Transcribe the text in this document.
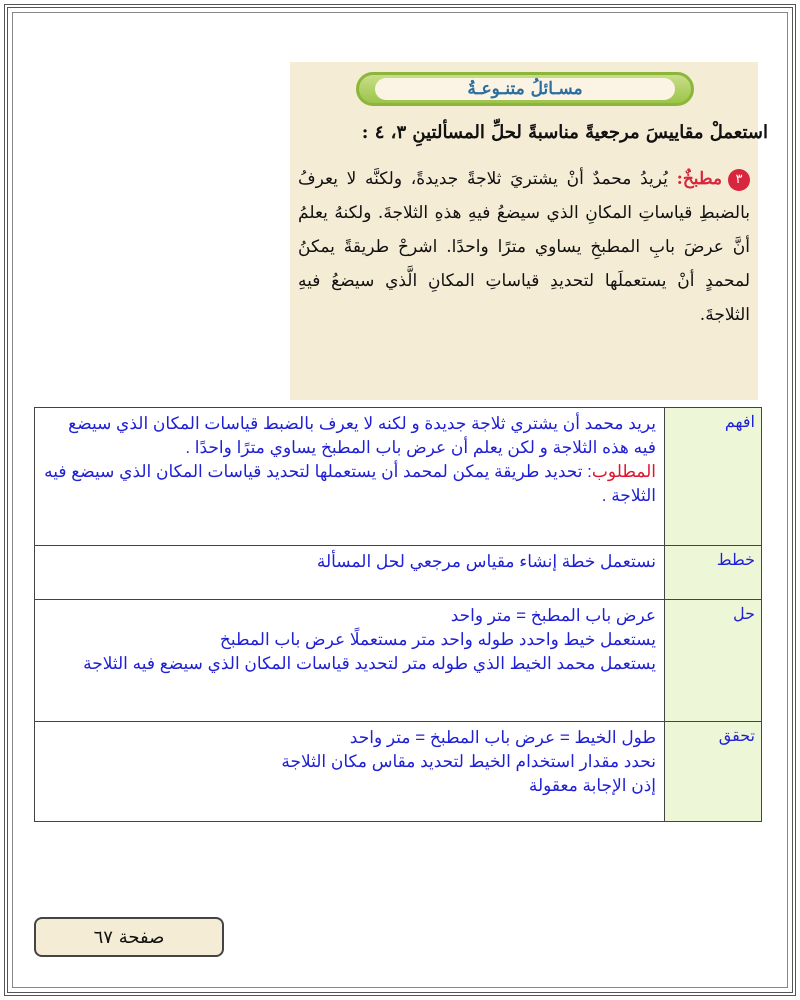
مسـائلُ متنـوعـةُ
استعملْ مقاييسَ مرجعيةً مناسبةً لحلِّ المسألتينِ ٣، ٤ :
٣مطبخٌ: يُريدُ محمدٌ أنْ يشتريَ ثلاجةً جديدةً، ولكنَّه لا يعرفُ بالضبطِ قياساتِ المكانِ الذي سيضعُ فيهِ هذهِ الثلاجةَ. ولكنهُ يعلمُ أنَّ عرضَ بابِ المطبخِ يساوي مترًا واحدًا. اشرحْ طريقةً يمكنُ لمحمدٍ أنْ يستعملَها لتحديدِ قياساتِ المكانِ الَّذي سيضعُ فيهِ الثلاجةَ.
افهم	يريد محمد أن يشتري ثلاجة جديدة و لكنه لا يعرف بالضبط قياسات المكان الذي سيضع فيه هذه الثلاجة و لكن يعلم أن عرض باب المطبخ يساوي مترًا واحدًا .
المطلوب: تحديد طريقة يمكن لمحمد أن يستعملها لتحديد قياسات المكان الذي سيضع فيه الثلاجة .
خطط	نستعمل خطة إنشاء مقياس مرجعي لحل المسألة
حل	عرض باب المطبخ = متر واحد
يستعمل خيط واحدد طوله واحد متر مستعملًا عرض باب المطبخ
يستعمل محمد الخيط الذي طوله متر لتحديد قياسات المكان الذي سيضع فيه الثلاجة

تحقق	طول الخيط = عرض باب المطبخ = متر واحد
نحدد مقدار استخدام الخيط لتحديد مقاس مكان الثلاجة
إذن الإجابة معقولة
صفحة ٦٧
